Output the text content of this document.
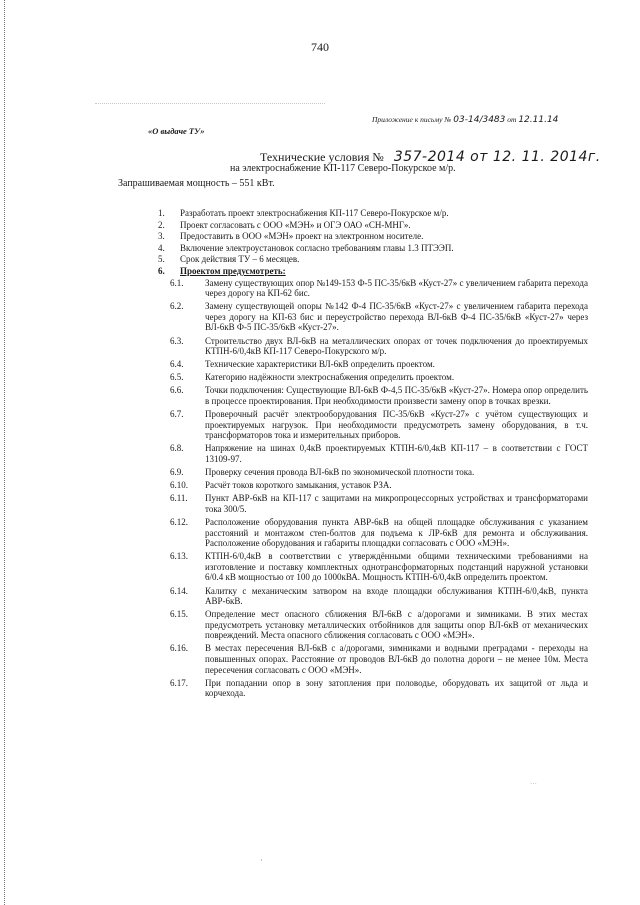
740
Приложение к письму № 03-14/3483 от 12.11.14
«О выдаче ТУ»
Технические условия № 357-2014 от 12. 11. 2014г.
на электроснабжение КП-117 Северо-Покурское м/р.
Запрашиваемая мощность – 551 кВт.
1. Разработать проект электроснабжения КП-117 Северо-Покурское м/р.
2. Проект согласовать с ООО «МЭН» и ОГЭ ОАО «СН-МНГ».
3. Предоставить в ООО «МЭН» проект на электронном носителе.
4. Включение электроустановок согласно требованиям главы 1.3 ПТЭЭП.
5. Срок действия ТУ – 6 месяцев.
6. Проектом предусмотреть:
6.1. Замену существующих опор №149-153 Ф-5 ПС-35/6кВ «Куст-27» с увеличением габарита перехода через дорогу на КП-62 бис.
6.2. Замену существующей опоры №142 Ф-4 ПС-35/6кВ «Куст-27» с увеличением габарита перехода через дорогу на КП-63 бис и переустройство перехода ВЛ-6кВ Ф-4 ПС-35/6кВ «Куст-27» через ВЛ-6кВ Ф-5 ПС-35/6кВ «Куст-27».
6.3. Строительство двух ВЛ-6кВ на металлических опорах от точек подключения до проектируемых КТПН-6/0,4кВ КП-117 Северо-Покурского м/р.
6.4. Технические характеристики ВЛ-6кВ определить проектом.
6.5. Категорию надёжности электроснабжения определить проектом.
6.6. Точки подключения: Существующие ВЛ-6кВ Ф-4,5 ПС-35/6кВ «Куст-27». Номера опор определить в процессе проектирования. При необходимости произвести замену опор в точках врезки.
6.7. Проверочный расчёт электрооборудования ПС-35/6кВ «Куст-27» с учётом существующих и проектируемых нагрузок. При необходимости предусмотреть замену оборудования, в т.ч. трансформаторов тока и измерительных приборов.
6.8. Напряжение на шинах 0,4кВ проектируемых КТПН-6/0,4кВ КП-117 – в соответствии с ГОСТ 13109-97.
6.9. Проверку сечения провода ВЛ-6кВ по экономической плотности тока.
6.10. Расчёт токов короткого замыкания, уставок РЗА.
6.11. Пункт АВР-6кВ на КП-117 с защитами на микропроцессорных устройствах и трансформаторами тока 300/5.
6.12. Расположение оборудования пункта АВР-6кВ на общей площадке обслуживания с указанием расстояний и монтажом степ-болтов для подъема к ЛР-6кВ для ремонта и обслуживания. Расположение оборудования и габариты площадки согласовать с ООО «МЭН».
6.13. КТПН-6/0,4кВ в соответствии с утверждёнными общими техническими требованиями на изготовление и поставку комплектных однотрансформаторных подстанций наружной установки 6/0.4 кВ мощностью от 100 до 1000кВА. Мощность КТПН-6/0,4кВ определить проектом.
6.14. Калитку с механическим затвором на входе площадки обслуживания КТПН-6/0,4кВ, пункта АВР-6кВ.
6.15. Определение мест опасного сближения ВЛ-6кВ с а/дорогами и зимниками. В этих местах предусмотреть установку металлических отбойников для защиты опор ВЛ-6кВ от механических повреждений. Места опасного сближения согласовать с ООО «МЭН».
6.16. В местах пересечения ВЛ-6кВ с а/дорогами, зимниками и водными преградами - переходы на повышенных опорах. Расстояние от проводов ВЛ-6кВ до полотна дороги – не менее 10м. Места пересечения согласовать с ООО «МЭН».
6.17. При попадании опор в зону затопления при половодье, оборудовать их защитой от льда и корчехода.
···
·
